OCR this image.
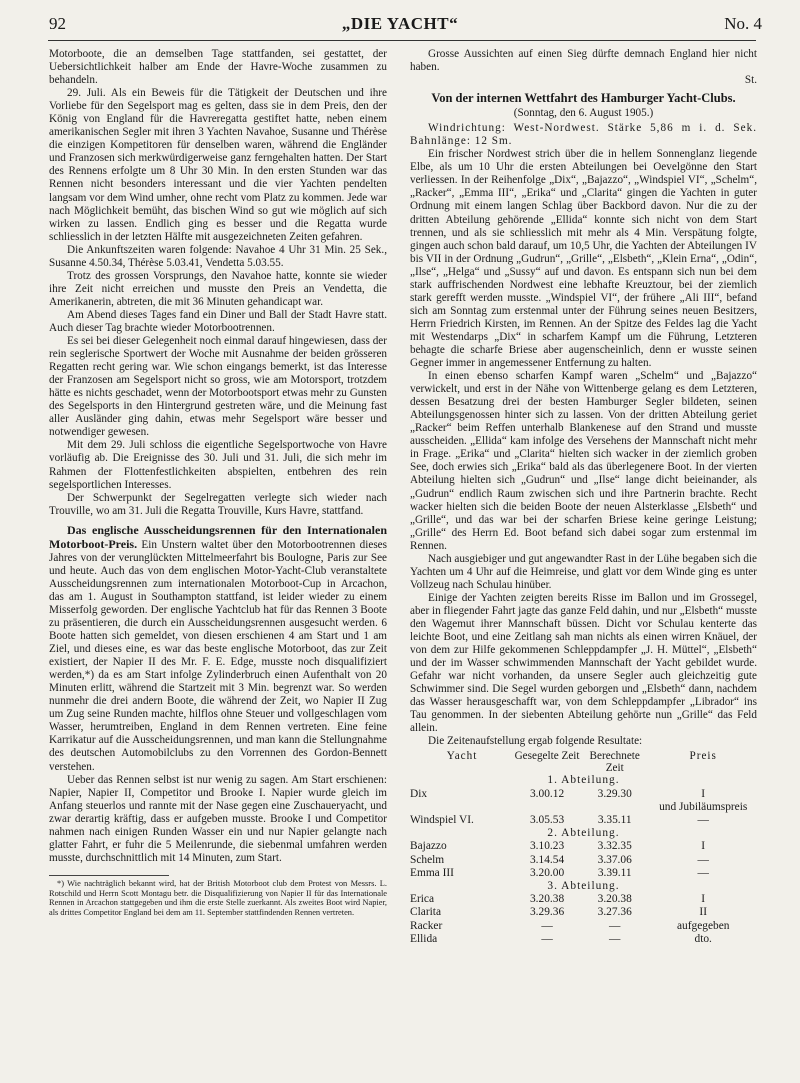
92	„DIE YACHT“	No. 4

Motorboote, die an demselben Tage stattfanden, sei gestattet, der Uebersichtlichkeit halber am Ende der Havre-Woche zusammen zu behandeln.

29. Juli. Als ein Beweis für die Tätigkeit der Deutschen und ihre Vorliebe für den Segelsport mag es gelten, dass sie in dem Preis, den der König von England für die Havreregatta gestiftet hatte, neben einem amerikanischen Segler mit ihren 3 Yachten Navahoe, Susanne und Thérèse die einzigen Kompetitoren für denselben waren, während die Engländer und Franzosen sich merkwürdigerweise ganz ferngehalten hatten. Der Start des Rennens erfolgte um 8 Uhr 30 Min. In den ersten Stunden war das Rennen nicht besonders interessant und die vier Yachten pendelten langsam vor dem Wind umher, ohne recht vom Platz zu kommen. Jede war nach Möglichkeit bemüht, das bischen Wind so gut wie möglich auf sich wirken zu lassen. Endlich ging es besser und die Regatta wurde schliesslich in der letzten Hälfte mit ausgezeichneten Zeiten gefahren.

Die Ankunftszeiten waren folgende: Navahoe 4 Uhr 31 Min. 25 Sek., Susanne 4.50.34, Thérèse 5.03.41, Vendetta 5.03.55.

Trotz des grossen Vorsprungs, den Navahoe hatte, konnte sie wieder ihre Zeit nicht erreichen und musste den Preis an Vendetta, die Amerikanerin, abtreten, die mit 36 Minuten gehandicapt war.

Am Abend dieses Tages fand ein Diner und Ball der Stadt Havre statt. Auch dieser Tag brachte wieder Motorbootrennen.

Es sei bei dieser Gelegenheit noch einmal darauf hingewiesen, dass der rein seglerische Sportwert der Woche mit Ausnahme der beiden grösseren Regatten recht gering war. Wie schon eingangs bemerkt, ist das Interesse der Franzosen am Segelsport nicht so gross, wie am Motorsport, trotzdem hätte es nichts geschadet, wenn der Motorbootsport etwas mehr zu Gunsten des Segelsports in den Hintergrund gestreten wäre, und die Meinung fast aller Ausländer ging dahin, etwas mehr Segelsport wäre besser und notwendiger gewesen.

Mit dem 29. Juli schloss die eigentliche Segelsportwoche von Havre vorläufig ab. Die Ereignisse des 30. Juli und 31. Juli, die sich mehr im Rahmen der Flottenfestlichkeiten abspielten, entbehren des rein segelsportlichen Interesses.

Der Schwerpunkt der Segelregatten verlegte sich wieder nach Trouville, wo am 31. Juli die Regatta Trouville, Kurs Havre, stattfand.

Das englische Ausscheidungsrennen für den Internationalen Motorboot-Preis. Ein Unstern waltet über den Motorbootrennen dieses Jahres von der verunglückten Mittelmeerfahrt bis Boulogne, Paris zur See und heute. Auch das von dem englischen Motor-Yacht-Club veranstaltete Ausscheidungsrennen zum internationalen Motorboot-Cup in Arcachon, das am 1. August in Southampton stattfand, ist leider wieder zu einem Misserfolg geworden. Der englische Yachtclub hat für das Rennen 3 Boote zu präsentieren, die durch ein Ausscheidungsrennen ausgesucht werden. 6 Boote hatten sich gemeldet, von diesen erschienen 4 am Start und 1 am Ziel, und dieses eine, es war das beste englische Motorboot, das zur Zeit existiert, der Napier II des Mr. F. E. Edge, musste noch disqualifiziert werden,*) da es am Start infolge Zylinderbruch einen Aufenthalt von 20 Minuten erlitt, während die Startzeit mit 3 Min. begrenzt war. So werden nunmehr die drei andern Boote, die während der Zeit, wo Napier II Zug um Zug seine Runden machte, hilflos ohne Steuer und vollgeschlagen vom Wasser, herumtreiben, England in dem Rennen vertreten. Eine feine Karrikatur auf die Ausscheidungsrennen, und man kann die Stellungnahme des deutschen Automobilclubs zu den Vorrennen des Gordon-Bennett verstehen.

Ueber das Rennen selbst ist nur wenig zu sagen. Am Start erschienen: Napier, Napier II, Competitor und Brooke I. Napier wurde gleich im Anfang steuerlos und rannte mit der Nase gegen eine Zuschaueryacht, und zwar derartig kräftig, dass er aufgeben musste. Brooke I und Competitor nahmen nach einigen Runden Wasser ein und nur Napier gelangte nach glatter Fahrt, er fuhr die 5 Meilenrunde, die siebenmal umfahren werden musste, durchschnittlich mit 14 Minuten, zum Start.

*) Wie nachträglich bekannt wird, hat der British Motorboot club dem Protest von Messrs. L. Rotschild und Herrn Scott Montagu betr. die Disqualifizierung von Napier II für das Internationale Rennen in Arcachon stattgegeben und ihm die erste Stelle zuerkannt. Als zweites Boot wird Napier, als drittes Competitor England bei dem am 11. September stattfindenden Rennen vertreten.

Grosse Aussichten auf einen Sieg dürfte demnach England hier nicht haben.
St.

Von der internen Wettfahrt des Hamburger Yacht-Clubs.
(Sonntag, den 6. August 1905.)

Windrichtung: West-Nordwest. Stärke 5,86 m i. d. Sek. Bahnlänge: 12 Sm.

Ein frischer Nordwest strich über die in hellem Sonnenglanz liegende Elbe, als um 10 Uhr die ersten Abteilungen bei Oevelgönne den Start verliessen. In der Reihenfolge „Dix“, „Bajazzo“, „Windspiel VI“, „Schelm“, „Racker“, „Emma III“, „Erika“ und „Clarita“ gingen die Yachten in guter Ordnung mit einem langen Schlag über Backbord davon. Nur die zu der dritten Abteilung gehörende „Ellida“ konnte sich nicht von dem Start trennen, und als sie schliesslich mit mehr als 4 Min. Verspätung folgte, gingen auch schon bald darauf, um 10,5 Uhr, die Yachten der Abteilungen IV bis VII in der Ordnung „Gudrun“, „Grille“, „Elsbeth“, „Klein Erna“, „Odin“, „Ilse“, „Helga“ und „Sussy“ auf und davon. Es entspann sich nun bei dem stark auffrischenden Nordwest eine lebhafte Kreuztour, bei der ziemlich stark gerefft werden musste. „Windspiel VI“, der frühere „Ali III“, befand sich am Sonntag zum erstenmal unter der Führung seines neuen Besitzers, Herrn Friedrich Kirsten, im Rennen. An der Spitze des Feldes lag die Yacht mit Westendarps „Dix“ in scharfem Kampf um die Führung, Letzteren behagte die scharfe Briese aber augenscheinlich, denn er wusste seinen Gegner immer in angemessener Entfernung zu halten.

In einen ebenso scharfen Kampf waren „Schelm“ und „Bajazzo“ verwickelt, und erst in der Nähe von Wittenberge gelang es dem Letzteren, dessen Besatzung drei der besten Hamburger Segler bildeten, seinen Abteilungsgenossen hinter sich zu lassen. Von der dritten Abteilung geriet „Racker“ beim Reffen unterhalb Blankenese auf den Strand und musste ausscheiden. „Ellida“ kam infolge des Versehens der Mannschaft nicht mehr in Frage. „Erika“ und „Clarita“ hielten sich wacker in der ziemlich groben See, doch erwies sich „Erika“ bald als das überlegenere Boot. In der vierten Abteilung hielten sich „Gudrun“ und „Ilse“ lange dicht beieinander, als „Gudrun“ endlich Raum zwischen sich und ihre Partnerin brachte. Recht wacker hielten sich die beiden Boote der neuen Alsterklasse „Elsbeth“ und „Grille“, und das war bei der scharfen Briese keine geringe Leistung; „Grille“ des Herrn Ed. Boot befand sich dabei sogar zum erstenmal im Rennen.

Nach ausgiebiger und gut angewandter Rast in der Lühe begaben sich die Yachten um 4 Uhr auf die Heimreise, und glatt vor dem Winde ging es unter Vollzeug nach Schulau hinüber.

Einige der Yachten zeigten bereits Risse im Ballon und im Grossegel, aber in fliegender Fahrt jagte das ganze Feld dahin, und nur „Elsbeth“ musste den Wagemut ihrer Mannschaft büssen. Dicht vor Schulau kenterte das leichte Boot, und eine Zeitlang sah man nichts als einen wirren Knäuel, der von dem zur Hilfe gekommenen Schleppdampfer „J. H. Müttel“, „Elsbeth“ und der im Wasser schwimmenden Mannschaft der Yacht gebildet wurde. Gefahr war nicht vorhanden, da unsere Segler auch gleichzeitig gute Schwimmer sind. Die Segel wurden geborgen und „Elsbeth“ dann, nachdem das Wasser herausgeschafft war, von dem Schleppdampfer „Librador“ ins Tau genommen. In der siebenten Abteilung gehörte nun „Grille“ das Feld allein.

Die Zeitenaufstellung ergab folgende Resultate:

Yacht	Gesegelte Zeit	Berechnete Zeit	Preis
1. Abteilung.			
Dix	3.00.12	3.29.30	I
			und Jubiläumspreis
Windspiel VI.	3.05.53	3.35.11	—
2. Abteilung.			
Bajazzo	3.10.23	3.32.35	I
Schelm	3.14.54	3.37.06	—
Emma III	3.20.00	3.39.11	—
3. Abteilung.			
Erica	3.20.38	3.20.38	I
Clarita	3.29.36	3.27.36	II
Racker	—	—	aufgegeben
Ellida	—	—	dto.
